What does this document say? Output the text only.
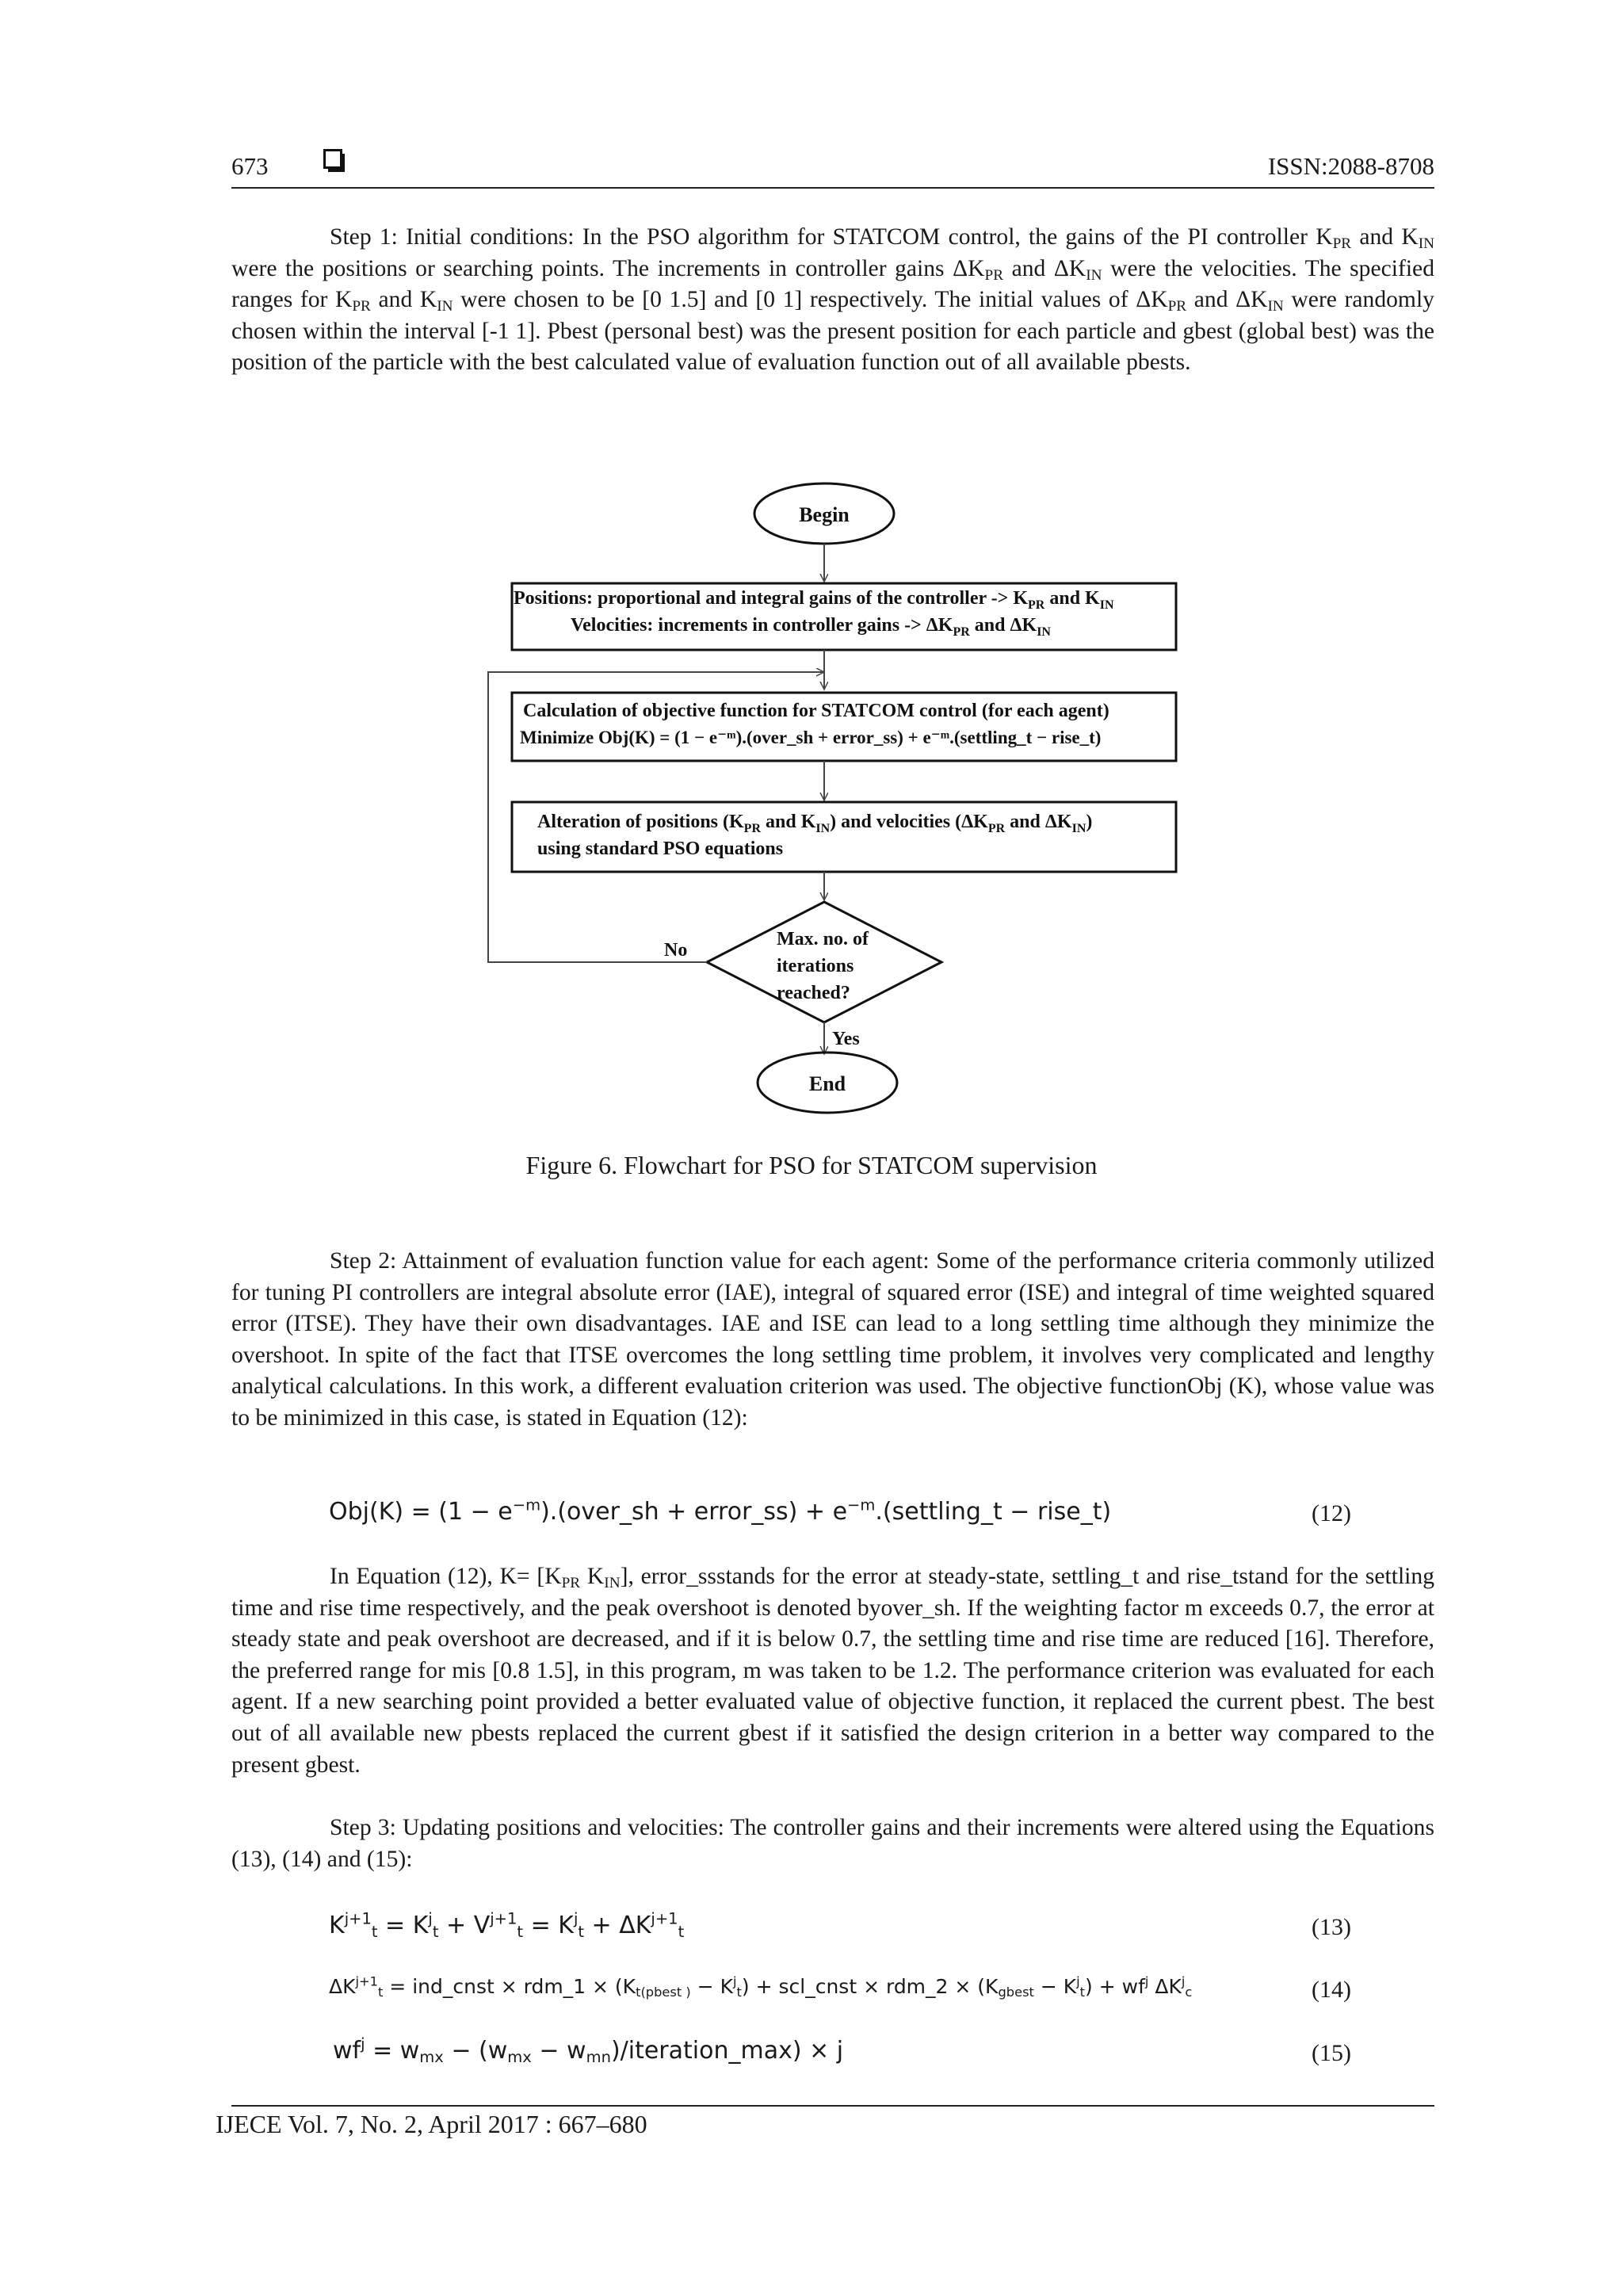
673	ISSN:2088-8708

Step 1: Initial conditions: In the PSO algorithm for STATCOM control, the gains of the PI controller $K_{PR}$ and $K_{IN}$ were the positions or searching points. The increments in controller gains $\Delta K_{PR}$ and $\Delta K_{IN}$ were the velocities. The specified ranges for $K_{PR}$ and $K_{IN}$ were chosen to be [0 1.5] and [0 1] respectively. The initial values of $\Delta K_{PR}$ and $\Delta K_{IN}$ were randomly chosen within the interval [-1 1]. Pbest (personal best) was the present position for each particle and gbest (global best) was the position of the particle with the best calculated value of evaluation function out of all available pbests.

Begin
Positions: proportional and integral gains of the controller -> $K_{PR}$ and $K_{IN}$
Velocities: increments in controller gains -> $\Delta K_{PR}$ and $\Delta K_{IN}$
Calculation of objective function for STATCOM control (for each agent)
Minimize Obj(K) = (1 − e⁻ᵐ).(over_sh + error_ss) + e⁻ᵐ.(settling_t − rise_t)
Alteration of positions ($K_{PR}$ and $K_{IN}$) and velocities ($\Delta K_{PR}$ and $\Delta K_{IN}$)
using standard PSO equations
Max. no. of
iterations
reached?
No
Yes
End
Figure 6. Flowchart for PSO for STATCOM supervision

Step 2: Attainment of evaluation function value for each agent: Some of the performance criteria commonly utilized for tuning PI controllers are integral absolute error (IAE), integral of squared error (ISE) and integral of time weighted squared error (ITSE). They have their own disadvantages. IAE and ISE can lead to a long settling time although they minimize the overshoot. In spite of the fact that ITSE overcomes the long settling time problem, it involves very complicated and lengthy analytical calculations. In this work, a different evaluation criterion was used. The objective functionObj (K), whose value was to be minimized in this case, is stated in Equation (12):

$Obj(K) = (1 - e^{-m}).(over\_sh$ + error_ss) + $e^{-m}.(settling\_t$ − rise_t)	(12)

In Equation (12), $K= [K_{PR}$ $K_{IN}$], error_ssstands for the error at steady-state, settling_t and rise_tstand for the settling time and rise time respectively, and the peak overshoot is denoted byover_sh. If the weighting factor m exceeds 0.7, the error at steady state and peak overshoot are decreased, and if it is below 0.7, the settling time and rise time are reduced [16]. Therefore, the preferred range for mis [0.8 1.5], in this program, m was taken to be 1.2. The performance criterion was evaluated for each agent. If a new searching point provided a better evaluated value of objective function, it replaced the current pbest. The best out of all available new pbests replaced the current gbest if it satisfied the design criterion in a better way compared to the present gbest.

Step 3: Updating positions and velocities: The controller gains and their increments were altered using the Equations (13), (14) and (15):

$K^{j+1}_t = K^j_t + V^{j+1}_t = K^j_t + \Delta K^{j+1}_t$	(13)
$\Delta K^{j+1}_t$ = ind_cnst × rdm_1 × $(K_{t(pbest )} - K^j_t)$ + scl_cnst × rdm_2 × $(K_{gbest} - K^j_t) + wf^j$ $\Delta K^j_c$	(14)
$wf^j = w_{mx} - (w_{mx}$ − $w_{mn})/iteration\_\max) \times j$	(15)
IJECE Vol. 7, No. 2, April 2017 : 667–680
